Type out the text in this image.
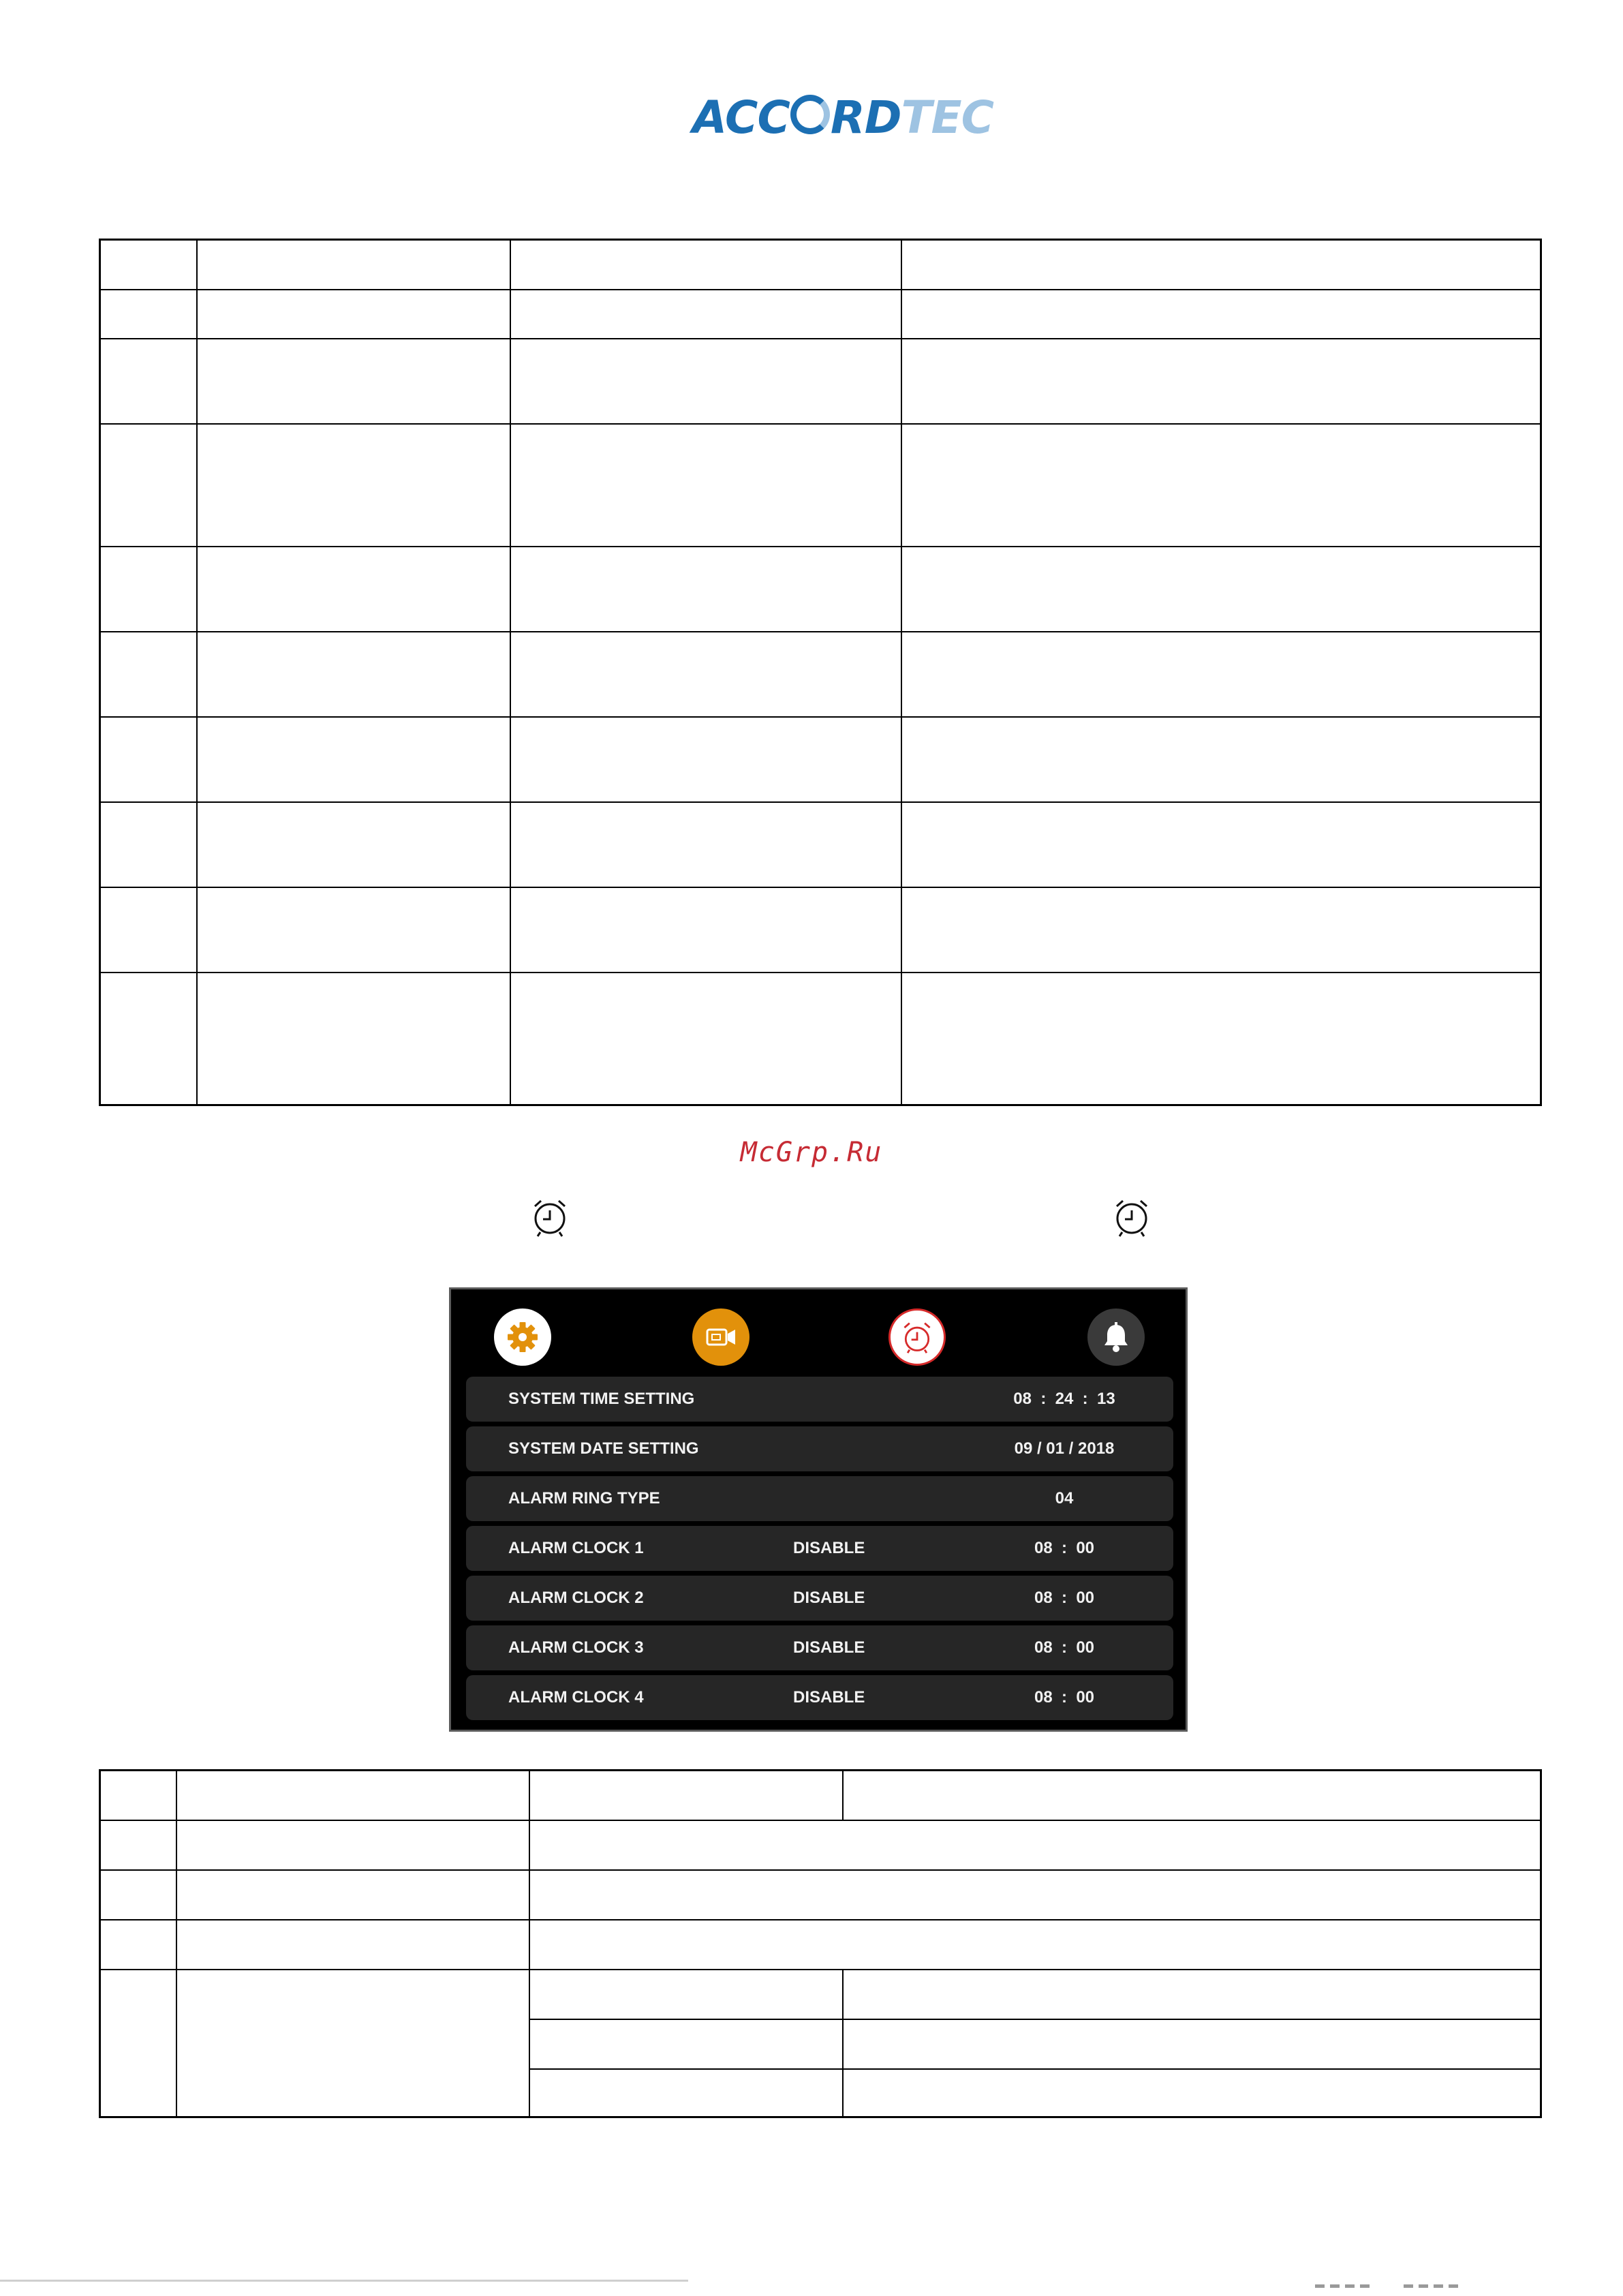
ACC RDTEC
McGrp.Ru
SYSTEM TIME SETTING	08  :  24  :  13
SYSTEM DATE SETTING	09 / 01 / 2018
ALARM RING TYPE	04
ALARM CLOCK 1	DISABLE	08  :  00
ALARM CLOCK 2	DISABLE	08  :  00
ALARM CLOCK 3	DISABLE	08  :  00
ALARM CLOCK 4	DISABLE	08  :  00
